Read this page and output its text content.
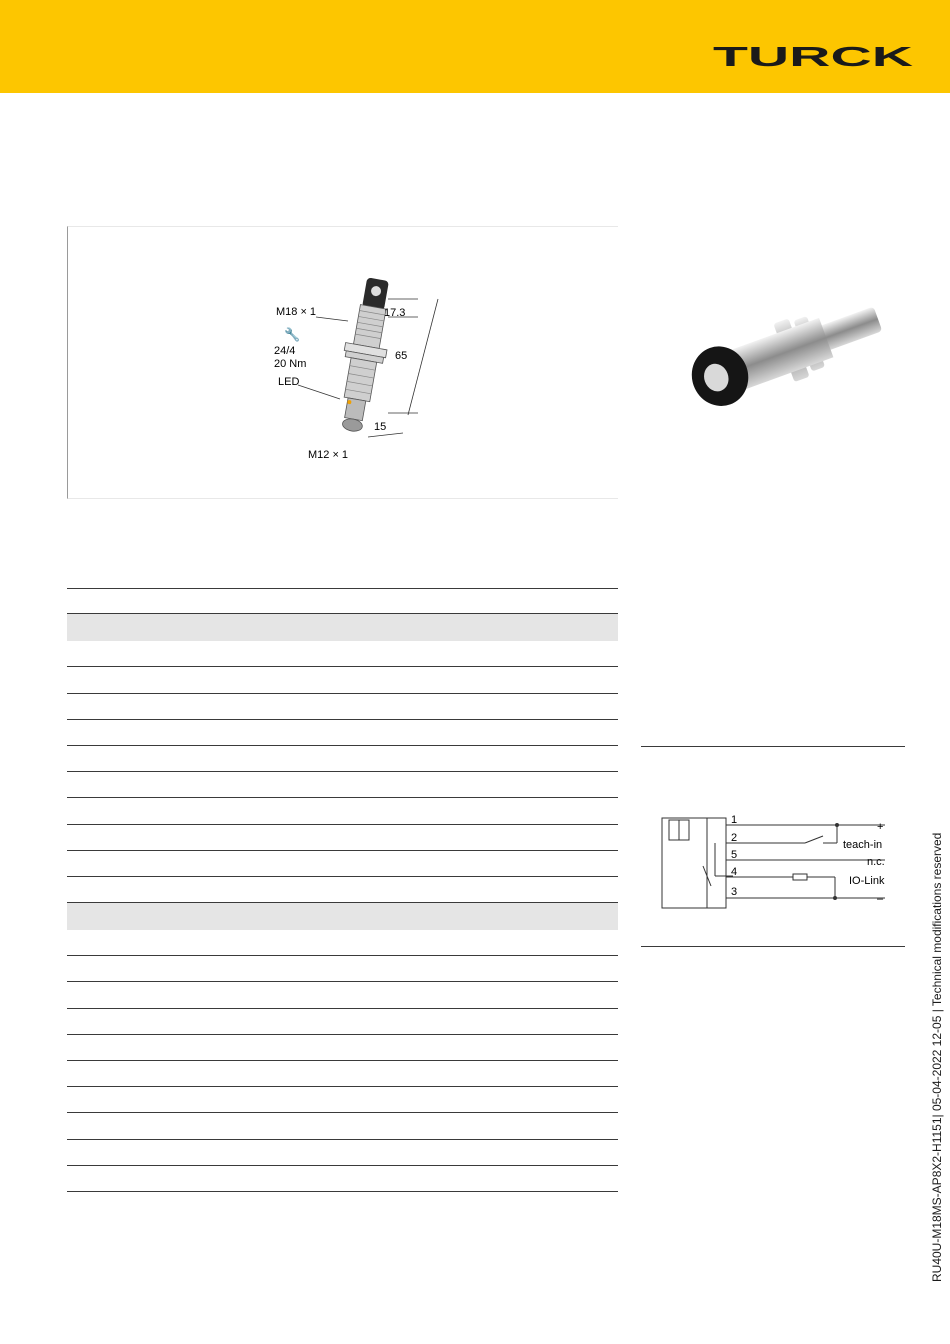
TURCK
M18 × 1
🔧
24/4
20 Nm
LED
17.3
65
15
M12 × 1
1
2
5
4
3
+
teach-in
n.c.
IO-Link
–	RU40U-M18MS-AP8X2-H1151| 05-04-2022 12-05 | Technical modifications reserved
